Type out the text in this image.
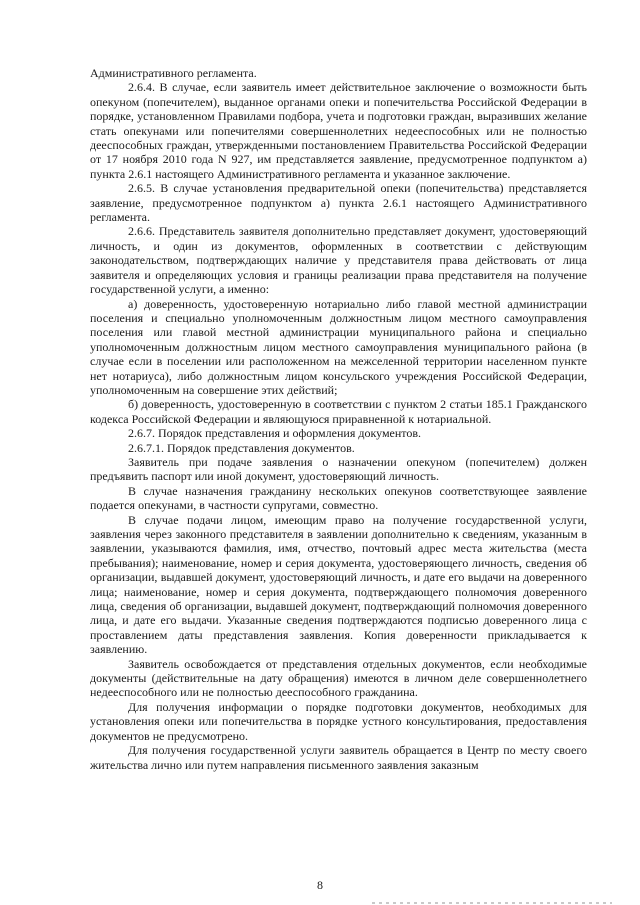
Административного регламента.

2.6.4. В случае, если заявитель имеет действительное заключение о возможности быть опекуном (попечителем), выданное органами опеки и попечительства Российской Федерации в порядке, установленном Правилами подбора, учета и подготовки граждан, выразивших желание стать опекунами или попечителями совершеннолетних недееспособных или не полностью дееспособных граждан, утвержденными постановлением Правительства Российской Федерации от 17 ноября 2010 года N 927, им представляется заявление, предусмотренное подпунктом а) пункта 2.6.1 настоящего Административного регламента и указанное заключение.

2.6.5. В случае установления предварительной опеки (попечительства) представляется заявление, предусмотренное подпунктом а) пункта 2.6.1 настоящего Административного регламента.

2.6.6. Представитель заявителя дополнительно представляет документ, удостоверяющий личность, и один из документов, оформленных в соответствии с действующим законодательством, подтверждающих наличие у представителя права действовать от лица заявителя и определяющих условия и границы реализации права представителя на получение государственной услуги, а именно:

а) доверенность, удостоверенную нотариально либо главой местной администрации поселения и специально уполномоченным должностным лицом местного самоуправления поселения или главой местной администрации муниципального района и специально уполномоченным должностным лицом местного самоуправления муниципального района (в случае если в поселении или расположенном на межселенной территории населенном пункте нет нотариуса), либо должностным лицом консульского учреждения Российской Федерации, уполномоченным на совершение этих действий;

б) доверенность, удостоверенную в соответствии с пунктом 2 статьи 185.1 Гражданского кодекса Российской Федерации и являющуюся приравненной к нотариальной.

2.6.7. Порядок представления и оформления документов.

2.6.7.1. Порядок представления документов.

Заявитель при подаче заявления о назначении опекуном (попечителем) должен предъявить паспорт или иной документ, удостоверяющий личность.

В случае назначения гражданину нескольких опекунов соответствующее заявление подается опекунами, в частности супругами, совместно.

В случае подачи лицом, имеющим право на получение государственной услуги, заявления через законного представителя в заявлении дополнительно к сведениям, указанным в заявлении, указываются фамилия, имя, отчество, почтовый адрес места жительства (места пребывания); наименование, номер и серия документа, удостоверяющего личность, сведения об организации, выдавшей документ, удостоверяющий личность, и дате его выдачи на доверенного лица; наименование, номер и серия документа, подтверждающего полномочия доверенного лица, сведения об организации, выдавшей документ, подтверждающий полномочия доверенного лица, и дате его выдачи. Указанные сведения подтверждаются подписью доверенного лица с проставлением даты представления заявления. Копия доверенности прикладывается к заявлению.

Заявитель освобождается от представления отдельных документов, если необходимые документы (действительные на дату обращения) имеются в личном деле совершеннолетнего недееспособного или не полностью дееспособного гражданина.

Для получения информации о порядке подготовки документов, необходимых для установления опеки или попечительства в порядке устного консультирования, предоставления документов не предусмотрено.

Для получения государственной услуги заявитель обращается в Центр по месту своего жительства лично или путем направления письменного заявления заказным

8
